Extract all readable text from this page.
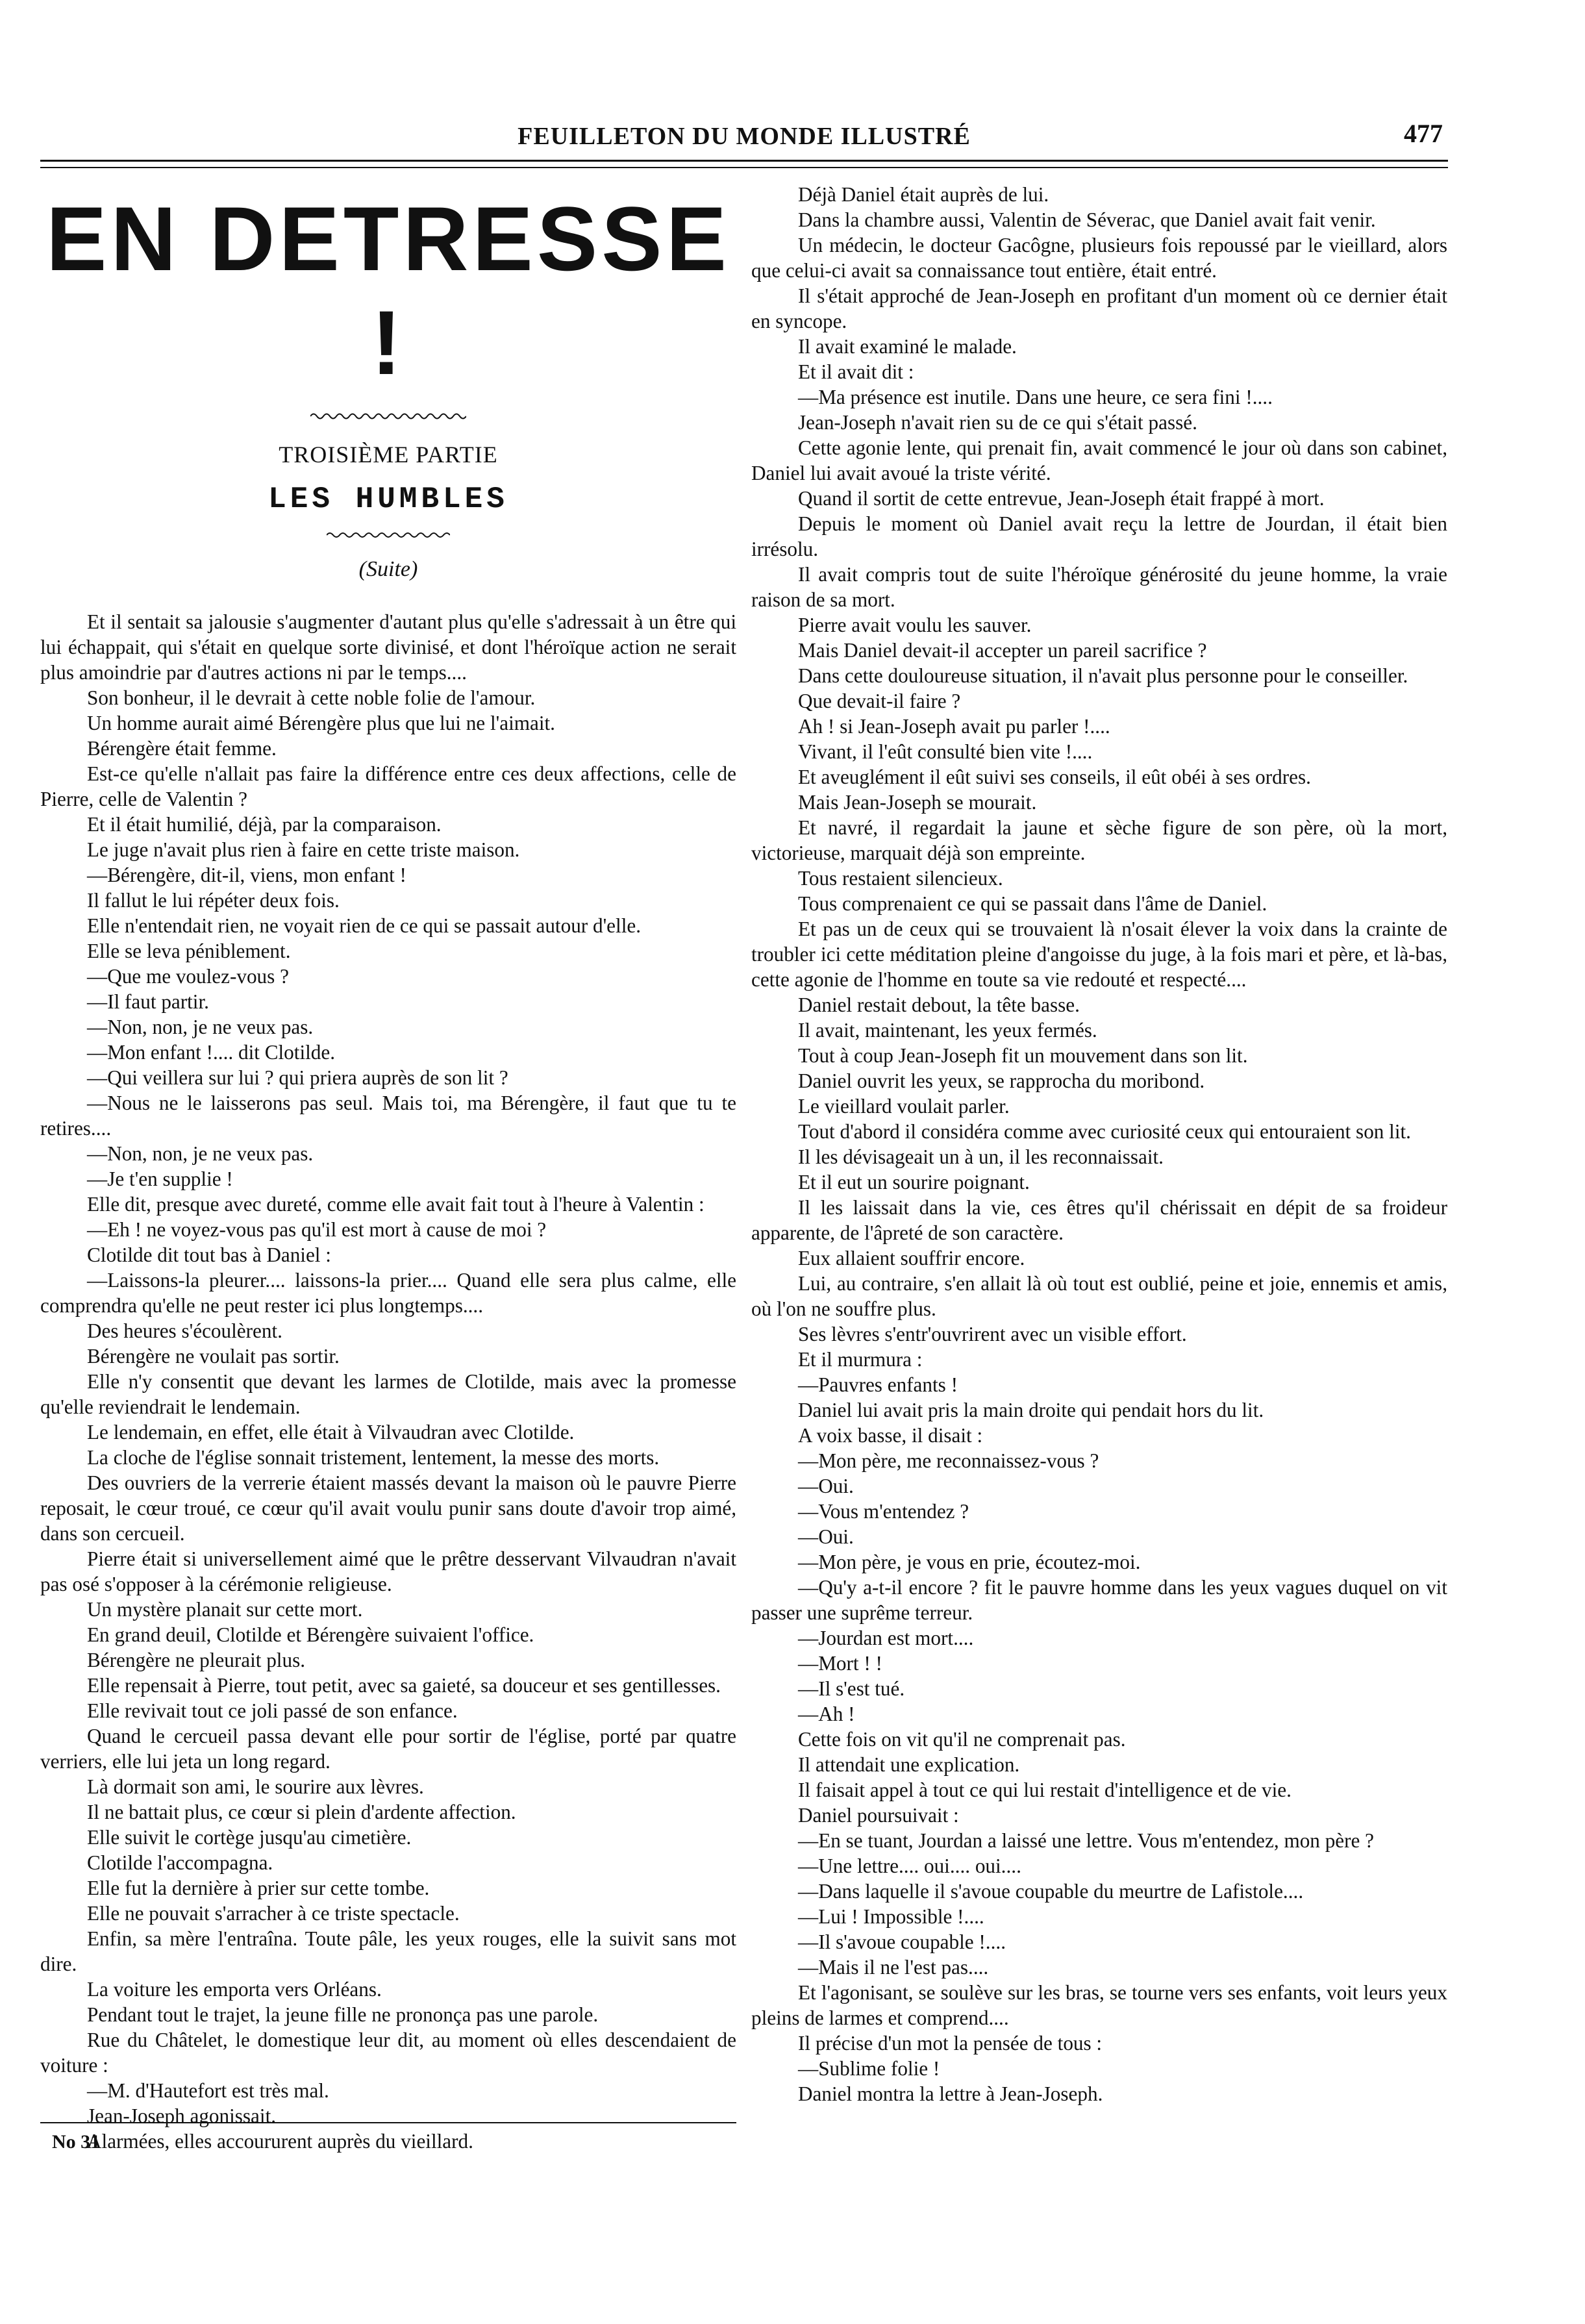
FEUILLETON DU MONDE ILLUSTRÉ	477
EN DETRESSE !
TROISIÈME PARTIE
LES HUMBLES
(Suite)

Et il sentait sa jalousie s'augmenter d'autant plus qu'elle s'adressait à un être qui lui échappait, qui s'était en quelque sorte divinisé, et dont l'héroïque action ne serait plus amoindrie par d'autres actions ni par le temps....

Son bonheur, il le devrait à cette noble folie de l'amour.

Un homme aurait aimé Bérengère plus que lui ne l'aimait.

Bérengère était femme.

Est-ce qu'elle n'allait pas faire la différence entre ces deux affections, celle de Pierre, celle de Valentin ?

Et il était humilié, déjà, par la comparaison.

Le juge n'avait plus rien à faire en cette triste maison.

—Bérengère, dit-il, viens, mon enfant !

Il fallut le lui répéter deux fois.

Elle n'entendait rien, ne voyait rien de ce qui se passait autour d'elle.

Elle se leva péniblement.

—Que me voulez-vous ?

—Il faut partir.

—Non, non, je ne veux pas.

—Mon enfant !.... dit Clotilde.

—Qui veillera sur lui ? qui priera auprès de son lit ?

—Nous ne le laisserons pas seul. Mais toi, ma Bérengère, il faut que tu te retires....

—Non, non, je ne veux pas.

—Je t'en supplie !

Elle dit, presque avec dureté, comme elle avait fait tout à l'heure à Valentin :

—Eh ! ne voyez-vous pas qu'il est mort à cause de moi ?

Clotilde dit tout bas à Daniel :

—Laissons-la pleurer.... laissons-la prier.... Quand elle sera plus calme, elle comprendra qu'elle ne peut rester ici plus longtemps....

Des heures s'écoulèrent.

Bérengère ne voulait pas sortir.

Elle n'y consentit que devant les larmes de Clotilde, mais avec la promesse qu'elle reviendrait le lendemain.

Le lendemain, en effet, elle était à Vilvaudran avec Clotilde.

La cloche de l'église sonnait tristement, lentement, la messe des morts.

Des ouvriers de la verrerie étaient massés devant la maison où le pauvre Pierre reposait, le cœur troué, ce cœur qu'il avait voulu punir sans doute d'avoir trop aimé, dans son cercueil.

Pierre était si universellement aimé que le prêtre desservant Vilvaudran n'avait pas osé s'opposer à la cérémonie religieuse.

Un mystère planait sur cette mort.

En grand deuil, Clotilde et Bérengère suivaient l'office.

Bérengère ne pleurait plus.

Elle repensait à Pierre, tout petit, avec sa gaieté, sa douceur et ses gentillesses.

Elle revivait tout ce joli passé de son enfance.

Quand le cercueil passa devant elle pour sortir de l'église, porté par quatre verriers, elle lui jeta un long regard.

Là dormait son ami, le sourire aux lèvres.

Il ne battait plus, ce cœur si plein d'ardente affection.

Elle suivit le cortège jusqu'au cimetière.

Clotilde l'accompagna.

Elle fut la dernière à prier sur cette tombe.

Elle ne pouvait s'arracher à ce triste spectacle.

Enfin, sa mère l'entraîna. Toute pâle, les yeux rouges, elle la suivit sans mot dire.

La voiture les emporta vers Orléans.

Pendant tout le trajet, la jeune fille ne prononça pas une parole.

Rue du Châtelet, le domestique leur dit, au moment où elles descendaient de voiture :

—M. d'Hautefort est très mal.

Jean-Joseph agonissait.

Alarmées, elles accoururent auprès du vieillard.

Déjà Daniel était auprès de lui.

Dans la chambre aussi, Valentin de Séverac, que Daniel avait fait venir.

Un médecin, le docteur Gacôgne, plusieurs fois repoussé par le vieillard, alors que celui-ci avait sa connaissance tout entière, était entré.

Il s'était approché de Jean-Joseph en profitant d'un moment où ce dernier était en syncope.

Il avait examiné le malade.

Et il avait dit :

—Ma présence est inutile. Dans une heure, ce sera fini !....

Jean-Joseph n'avait rien su de ce qui s'était passé.

Cette agonie lente, qui prenait fin, avait commencé le jour où dans son cabinet, Daniel lui avait avoué la triste vérité.

Quand il sortit de cette entrevue, Jean-Joseph était frappé à mort.

Depuis le moment où Daniel avait reçu la lettre de Jourdan, il était bien irrésolu.

Il avait compris tout de suite l'héroïque générosité du jeune homme, la vraie raison de sa mort.

Pierre avait voulu les sauver.

Mais Daniel devait-il accepter un pareil sacrifice ?

Dans cette douloureuse situation, il n'avait plus personne pour le conseiller.

Que devait-il faire ?

Ah ! si Jean-Joseph avait pu parler !....

Vivant, il l'eût consulté bien vite !....

Et aveuglément il eût suivi ses conseils, il eût obéi à ses ordres.

Mais Jean-Joseph se mourait.

Et navré, il regardait la jaune et sèche figure de son père, où la mort, victorieuse, marquait déjà son empreinte.

Tous restaient silencieux.

Tous comprenaient ce qui se passait dans l'âme de Daniel.

Et pas un de ceux qui se trouvaient là n'osait élever la voix dans la crainte de troubler ici cette méditation pleine d'angoisse du juge, à la fois mari et père, et là-bas, cette agonie de l'homme en toute sa vie redouté et respecté....

Daniel restait debout, la tête basse.

Il avait, maintenant, les yeux fermés.

Tout à coup Jean-Joseph fit un mouvement dans son lit.

Daniel ouvrit les yeux, se rapprocha du moribond.

Le vieillard voulait parler.

Tout d'abord il considéra comme avec curiosité ceux qui entouraient son lit.

Il les dévisageait un à un, il les reconnaissait.

Et il eut un sourire poignant.

Il les laissait dans la vie, ces êtres qu'il chérissait en dépit de sa froideur apparente, de l'âpreté de son caractère.

Eux allaient souffrir encore.

Lui, au contraire, s'en allait là où tout est oublié, peine et joie, ennemis et amis, où l'on ne souffre plus.

Ses lèvres s'entr'ouvrirent avec un visible effort.

Et il murmura :

—Pauvres enfants !

Daniel lui avait pris la main droite qui pendait hors du lit.

A voix basse, il disait :

—Mon père, me reconnaissez-vous ?

—Oui.

—Vous m'entendez ?

—Oui.

—Mon père, je vous en prie, écoutez-moi.

—Qu'y a-t-il encore ? fit le pauvre homme dans les yeux vagues duquel on vit passer une suprême terreur.

—Jourdan est mort....

—Mort ! !

—Il s'est tué.

—Ah !

Cette fois on vit qu'il ne comprenait pas.

Il attendait une explication.

Il faisait appel à tout ce qui lui restait d'intelligence et de vie.

Daniel poursuivait :

—En se tuant, Jourdan a laissé une lettre. Vous m'entendez, mon père ?

—Une lettre.... oui.... oui....

—Dans laquelle il s'avoue coupable du meurtre de Lafistole....

—Lui ! Impossible !....

—Il s'avoue coupable !....

—Mais il ne l'est pas....

Et l'agonisant, se soulève sur les bras, se tourne vers ses enfants, voit leurs yeux pleins de larmes et comprend....

Il précise d'un mot la pensée de tous :

—Sublime folie !

Daniel montra la lettre à Jean-Joseph.

No 31
